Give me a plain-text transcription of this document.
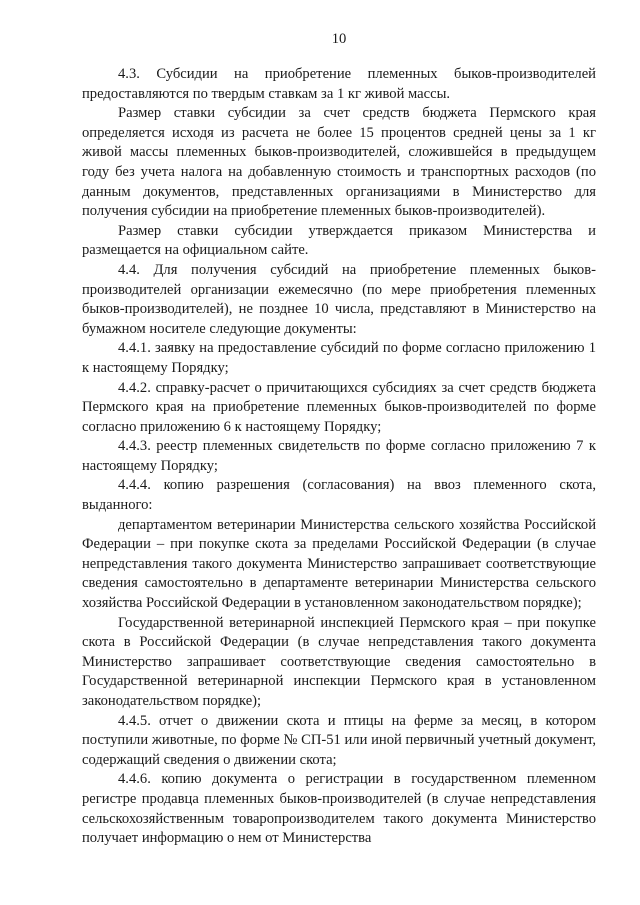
10

4.3. Субсидии на приобретение племенных быков-производителей предоставляются по твердым ставкам за 1 кг живой массы.

Размер ставки субсидии за счет средств бюджета Пермского края определяется исходя из расчета не более 15 процентов средней цены за 1 кг живой массы племенных быков-производителей, сложившейся в предыдущем году без учета налога на добавленную стоимость и транспортных расходов (по данным документов, представленных организациями в Министерство для получения субсидии на приобретение племенных быков-производителей).

Размер ставки субсидии утверждается приказом Министерства и размещается на официальном сайте.

4.4. Для получения субсидий на приобретение племенных быков-производителей организации ежемесячно (по мере приобретения племенных быков-производителей), не позднее 10 числа, представляют в Министерство на бумажном носителе следующие документы:

4.4.1. заявку на предоставление субсидий по форме согласно приложению 1 к настоящему Порядку;

4.4.2. справку-расчет о причитающихся субсидиях за счет средств бюджета Пермского края на приобретение племенных быков-производителей по форме согласно приложению 6 к настоящему Порядку;

4.4.3. реестр племенных свидетельств по форме согласно приложению 7 к настоящему Порядку;

4.4.4. копию разрешения (согласования) на ввоз племенного скота, выданного:

департаментом ветеринарии Министерства сельского хозяйства Российской Федерации – при покупке скота за пределами Российской Федерации (в случае непредставления такого документа Министерство запрашивает соответствующие сведения самостоятельно в департаменте ветеринарии Министерства сельского хозяйства Российской Федерации в установленном законодательством порядке);

Государственной ветеринарной инспекцией Пермского края – при покупке скота в Российской Федерации (в случае непредставления такого документа Министерство запрашивает соответствующие сведения самостоятельно в Государственной ветеринарной инспекции Пермского края в установленном законодательством порядке);

4.4.5. отчет о движении скота и птицы на ферме за месяц, в котором поступили животные, по форме № СП-51 или иной первичный учетный документ, содержащий сведения о движении скота;

4.4.6. копию документа о регистрации в государственном племенном регистре продавца племенных быков-производителей (в случае непредставления сельскохозяйственным товаропроизводителем такого документа Министерство получает информацию о нем от Министерства
